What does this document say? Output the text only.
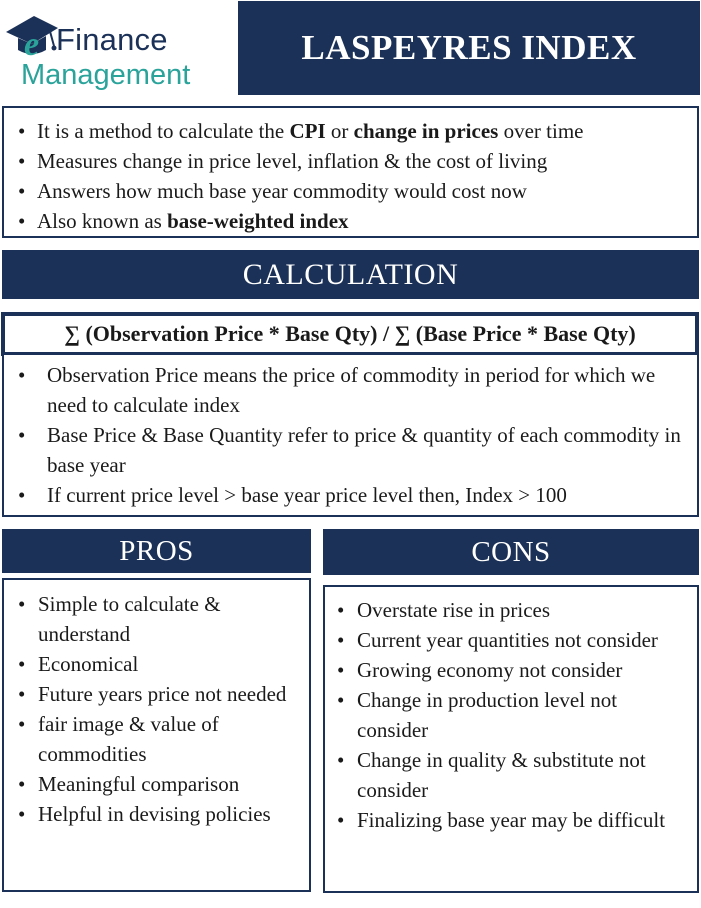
e Finance
Management
LASPEYRES INDEX
• It is a method to calculate the CPI or change in prices over time
• Measures change in price level, inflation & the cost of living
• Answers how much base year commodity would cost now
• Also known as base-weighted index
CALCULATION
∑ (Observation Price * Base Qty) / ∑ (Base Price * Base Qty)
• Observation Price means the price of commodity in period for which we need to calculate index
• Base Price & Base Quantity refer to price & quantity of each commodity in base year
• If current price level > base year price level then, Index > 100
PROS
• Simple to calculate & understand
• Economical
• Future years price not needed
• fair image & value of commodities
• Meaningful comparison
• Helpful in devising policies
CONS
• Overstate rise in prices
• Current year quantities not consider
• Growing economy not consider
• Change in production level not consider
• Change in quality & substitute not consider
• Finalizing base year may be difficult
